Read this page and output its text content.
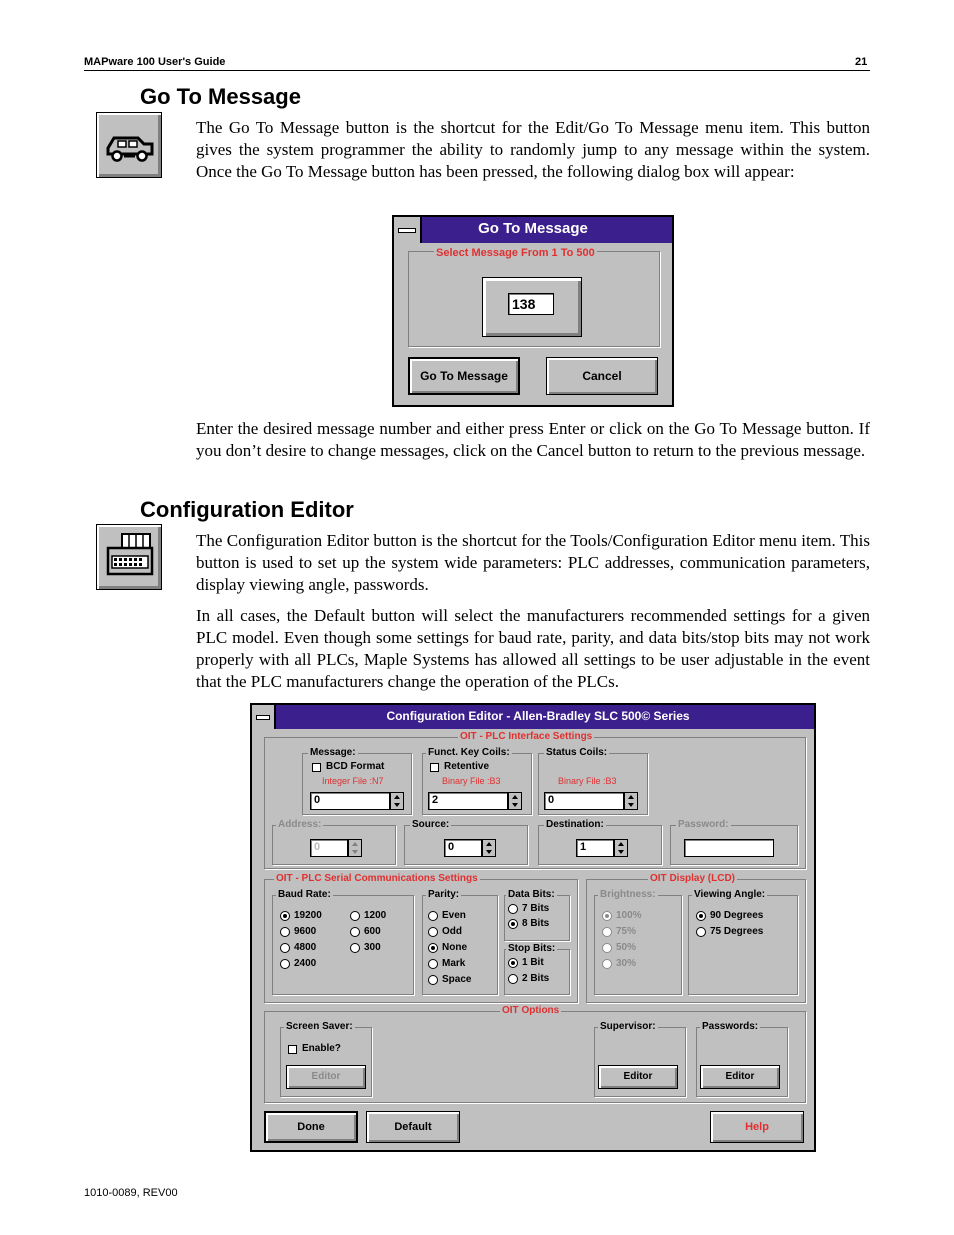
MAPware 100 User's Guide	21
Go To Message

The Go To Message button is the shortcut for the Edit/Go To Message menu item. This button gives the system programmer the ability to randomly jump to any message within the system. Once the Go To Message button has been pressed, the following dialog box will appear:

Go To Message
Select Message From 1 To 500
138
Go To Message	Cancel

Enter the desired message number and either press Enter or click on the Go To Message button. If you don’t desire to change messages, click on the Cancel button to return to the previous message.

Configuration Editor

The Configuration Editor button is the shortcut for the Tools/Configuration Editor menu item. This button is used to set up the system wide parameters: PLC addresses, communication parameters, display viewing angle, passwords.

In all cases, the Default button will select the manufacturers recommended settings for a given PLC model. Even though some settings for baud rate, parity, and data bits/stop bits may not work properly with all PLCs, Maple Systems has allowed all settings to be user adjustable in the event that the PLC manufacturers change the operation of the PLCs.

Configuration Editor - Allen-Bradley SLC 500© Series
OIT - PLC Interface Settings
Message:
BCD Format
Integer File :N7
0
Funct. Key Coils:
Retentive
Binary File :B3
2
Status Coils:
Binary File :B3
0
Address:
0
Source:
0
Destination:
1
Password:
OIT - PLC Serial Communications Settings
Baud Rate:
19200
9600
4800
2400
1200
600
300
Parity:
Even
Odd
None
Mark
Space
Data Bits:
7 Bits
8 Bits
Stop Bits:
1 Bit
2 Bits
OIT Display (LCD)
Brightness:
100%
75%
50%
30%
Viewing Angle:
90 Degrees
75 Degrees
OIT Options
Screen Saver:
Enable?
Editor
Supervisor:
Editor
Passwords:
Editor
Done	Default	Help
1010-0089, REV00
